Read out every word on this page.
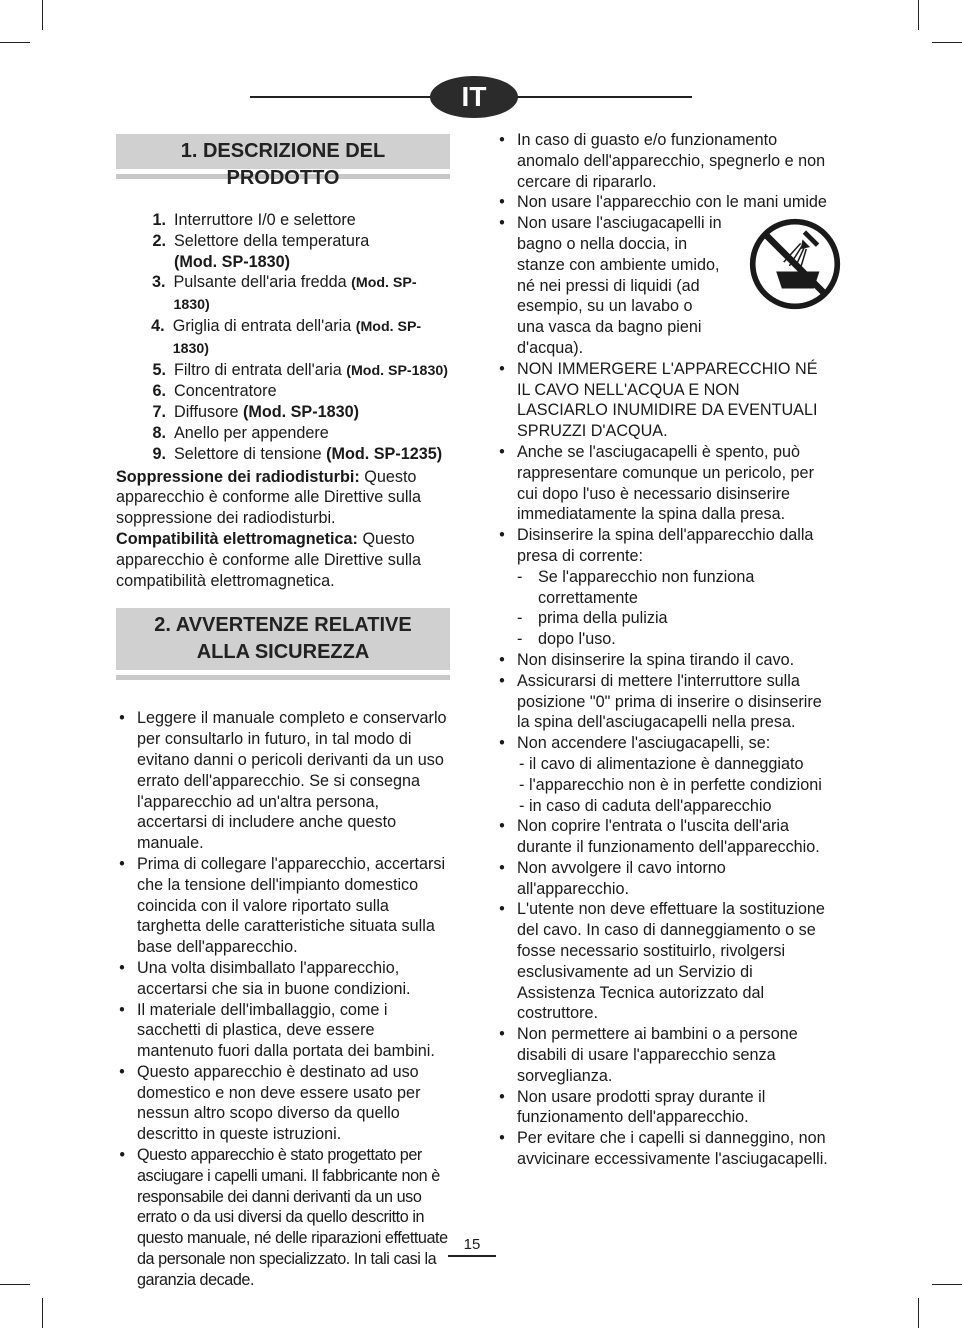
IT
1. DESCRIZIONE DEL PRODOTTO
1. Interruttore I/0 e selettore
2. Selettore della temperatura
(Mod. SP-1830)
3. Pulsante dell'aria fredda (Mod. SP-1830)
4. Griglia di entrata dell'aria (Mod. SP-1830)
5. Filtro di entrata dell'aria (Mod. SP-1830)
6. Concentratore
7. Diffusore (Mod. SP-1830)
8. Anello per appendere
9. Selettore di tensione (Mod. SP-1235)

Soppressione dei radiodisturbi: Questo apparecchio è conforme alle Direttive sulla soppressione dei radiodisturbi.

Compatibilità elettromagnetica: Questo apparecchio è conforme alle Direttive sulla compatibilità elettromagnetica.

2. AVVERTENZE RELATIVE
ALLA SICUREZZA
• Leggere il manuale completo e conservarlo per consultarlo in futuro, in tal modo di evitano danni o pericoli derivanti da un uso errato dell'apparecchio. Se si consegna l'apparecchio ad un'altra persona, accertarsi di includere anche questo manuale.
• Prima di collegare l'apparecchio, accertarsi che la tensione dell'impianto domestico coincida con il valore riportato sulla targhetta delle caratteristiche situata sulla base dell'apparecchio.
• Una volta disimballato l'apparecchio, accertarsi che sia in buone condizioni.
• Il materiale dell'imballaggio, come i sacchetti di plastica, deve essere mantenuto fuori dalla portata dei bambini.
• Questo apparecchio è destinato ad uso domestico e non deve essere usato per nessun altro scopo diverso da quello descritto in queste istruzioni.
• Questo apparecchio è stato progettato per asciugare i capelli umani. Il fabbricante non è responsabile dei danni derivanti da un uso errato o da usi diversi da quello descritto in questo manuale, né delle riparazioni effettuate da personale non specializzato. In tali casi la garanzia decade.
• In caso di guasto e/o funzionamento anomalo dell'apparecchio, spegnerlo e non cercare di ripararlo.
• Non usare l'apparecchio con le mani umide
• Non usare l'asciugacapelli in bagno o nella doccia, in stanze con ambiente umido, né nei pressi di liquidi (ad esempio, su un lavabo o una vasca da bagno pieni d'acqua).
• NON IMMERGERE L'APPARECCHIO NÉ IL CAVO NELL'ACQUA E NON LASCIARLO INUMIDIRE DA EVENTUALI SPRUZZI D'ACQUA.
• Anche se l'asciugacapelli è spento, può rappresentare comunque un pericolo, per cui dopo l'uso è necessario disinserire immediatamente la spina dalla presa.
• Disinserire la spina dell'apparecchio dalla presa di corrente:
- Se l'apparecchio non funziona correttamente
- prima della pulizia
- dopo l'uso.
• Non disinserire la spina tirando il cavo.
• Assicurarsi di mettere l'interruttore sulla posizione "0" prima di inserire o disinserire la spina dell'asciugacapelli nella presa.
• Non accendere l'asciugacapelli, se:
- il cavo di alimentazione è danneggiato
- l'apparecchio non è in perfette condizioni
- in caso di caduta dell'apparecchio
• Non coprire l'entrata o l'uscita dell'aria durante il funzionamento dell'apparecchio.
• Non avvolgere il cavo intorno all'apparecchio.
• L'utente non deve effettuare la sostituzione del cavo. In caso di danneggiamento o se fosse necessario sostituirlo, rivolgersi esclusivamente ad un Servizio di Assistenza Tecnica autorizzato dal costruttore.
• Non permettere ai bambini o a persone disabili di usare l'apparecchio senza sorveglianza.
• Non usare prodotti spray durante il funzionamento dell'apparecchio.
• Per evitare che i capelli si danneggino, non avvicinare eccessivamente l'asciugacapelli.
15
